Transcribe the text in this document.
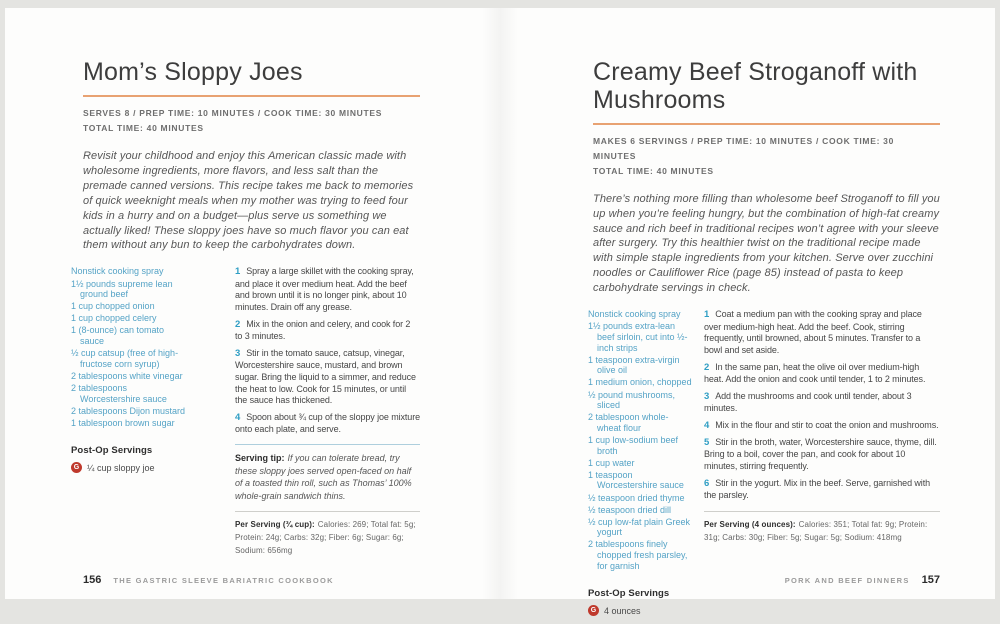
Mom’s Sloppy Joes
SERVES 8 / PREP TIME: 10 MINUTES / COOK TIME: 30 MINUTES
TOTAL TIME: 40 MINUTES

Revisit your childhood and enjoy this American classic made with wholesome ingredients, more flavors, and less salt than the premade canned versions. This recipe takes me back to memories of quick weeknight meals when my mother was trying to feed four kids in a hurry and on a budget—plus serve us something we actually liked! These sloppy joes have so much flavor you can eat them without any bun to keep the carbohydrates down.

Nonstick cooking spray
1½ pounds supreme lean ground beef
1 cup chopped onion
1 cup chopped celery
1 (8-ounce) can tomato sauce
½ cup catsup (free of high-fructose corn syrup)
2 tablespoons white vinegar
2 tablespoons Worcestershire sauce
2 tablespoons Dijon mustard
1 tablespoon brown sugar
Post-Op Servings
G ¼ cup sloppy joe

1 Spray a large skillet with the cooking spray, and place it over medium heat. Add the beef and brown until it is no longer pink, about 10 minutes. Drain off any grease.

2 Mix in the onion and celery, and cook for 2 to 3 minutes.

3 Stir in the tomato sauce, catsup, vinegar, Worcestershire sauce, mustard, and brown sugar. Bring the liquid to a simmer, and reduce the heat to low. Cook for 15 minutes, or until the sauce has thickened.

4 Spoon about ¾ cup of the sloppy joe mixture onto each plate, and serve.

Serving tip: If you can tolerate bread, try these sloppy joes served open-faced on half of a toasted thin roll, such as Thomas’ 100% whole-grain sandwich thins.

Per Serving (¾ cup): Calories: 269; Total fat: 5g; Protein: 24g; Carbs: 32g; Fiber: 6g; Sugar: 6g; Sodium: 656mg

156 THE GASTRIC SLEEVE BARIATRIC COOKBOOK
Creamy Beef Stroganoff with Mushrooms
MAKES 6 SERVINGS / PREP TIME: 10 MINUTES / COOK TIME: 30 MINUTES
TOTAL TIME: 40 MINUTES

There’s nothing more filling than wholesome beef Stroganoff to fill you up when you’re feeling hungry, but the combination of high-fat creamy sauce and rich beef in traditional recipes won’t agree with your sleeve after surgery. Try this healthier twist on the traditional recipe made with simple staple ingredients from your kitchen. Serve over zucchini noodles or Cauliflower Rice (page 85) instead of pasta to keep carbohydrate servings in check.

Nonstick cooking spray
1½ pounds extra-lean beef sirloin, cut into ½-inch strips
1 teaspoon extra-virgin olive oil
1 medium onion, chopped
½ pound mushrooms, sliced
2 tablespoon whole-wheat flour
1 cup low-sodium beef broth
1 cup water
1 teaspoon Worcestershire sauce
½ teaspoon dried thyme
½ teaspoon dried dill
½ cup low-fat plain Greek yogurt
2 tablespoons finely chopped fresh parsley, for garnish
Post-Op Servings
G 4 ounces

1 Coat a medium pan with the cooking spray and place over medium-high heat. Add the beef. Cook, stirring frequently, until browned, about 5 minutes. Transfer to a bowl and set aside.

2 In the same pan, heat the olive oil over medium-high heat. Add the onion and cook until tender, 1 to 2 minutes.

3 Add the mushrooms and cook until tender, about 3 minutes.

4 Mix in the flour and stir to coat the onion and mushrooms.

5 Stir in the broth, water, Worcestershire sauce, thyme, dill. Bring to a boil, cover the pan, and cook for about 10 minutes, stirring frequently.

6 Stir in the yogurt. Mix in the beef. Serve, garnished with the parsley.

Per Serving (4 ounces): Calories: 351; Total fat: 9g; Protein: 31g; Carbs: 30g; Fiber: 5g; Sugar: 5g; Sodium: 418mg

PORK AND BEEF DINNERS 157
